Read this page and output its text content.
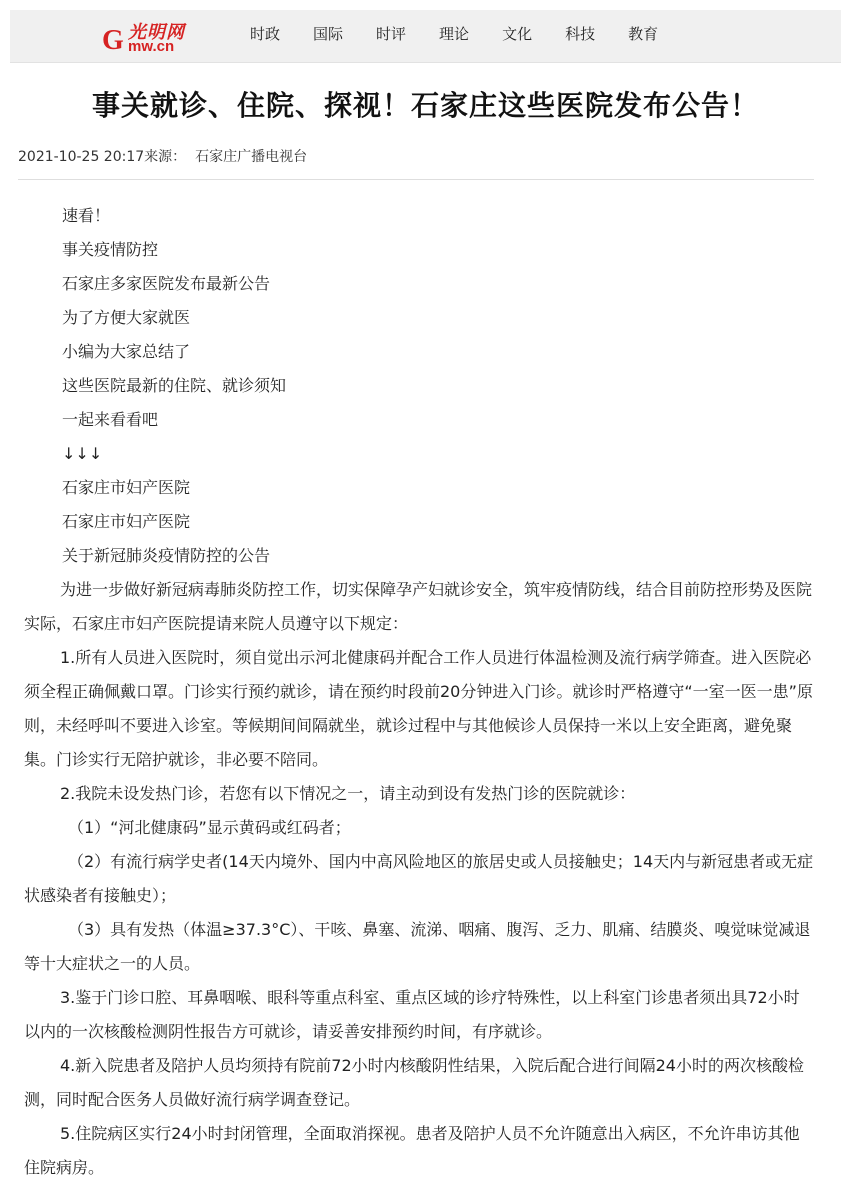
光明网
G mw.cn
时政 国际 时评 理论 文化 科技 教育
事关就诊、住院、探视！石家庄这些医院发布公告！
2021-10-25 20:17来源： 石家庄广播电视台

速看！

事关疫情防控

石家庄多家医院发布最新公告

为了方便大家就医

小编为大家总结了

这些医院最新的住院、就诊须知

一起来看看吧

↓↓↓

石家庄市妇产医院

石家庄市妇产医院

关于新冠肺炎疫情防控的公告

为进一步做好新冠病毒肺炎防控工作，切实保障孕产妇就诊安全，筑牢疫情防线，结合目前防控形势及医院实际，石家庄市妇产医院提请来院人员遵守以下规定：

1.所有人员进入医院时，须自觉出示河北健康码并配合工作人员进行体温检测及流行病学筛查。进入医院必须全程正确佩戴口罩。门诊实行预约就诊，请在预约时段前20分钟进入门诊。就诊时严格遵守“一室一医一患”原则，未经呼叫不要进入诊室。等候期间间隔就坐，就诊过程中与其他候诊人员保持一米以上安全距离，避免聚集。门诊实行无陪护就诊，非必要不陪同。

2.我院未设发热门诊，若您有以下情况之一，请主动到设有发热门诊的医院就诊：

（1）“河北健康码”显示黄码或红码者；

（2）有流行病学史者(14天内境外、国内中高风险地区的旅居史或人员接触史；14天内与新冠患者或无症状感染者有接触史）；

（3）具有发热（体温≥37.3°C）、干咳、鼻塞、流涕、咽痛、腹泻、乏力、肌痛、结膜炎、嗅觉味觉减退等十大症状之一的人员。

3.鉴于门诊口腔、耳鼻咽喉、眼科等重点科室、重点区域的诊疗特殊性，以上科室门诊患者须出具72小时以内的一次核酸检测阴性报告方可就诊，请妥善安排预约时间，有序就诊。

4.新入院患者及陪护人员均须持有院前72小时内核酸阴性结果，入院后配合进行间隔24小时的两次核酸检测，同时配合医务人员做好流行病学调查登记。

5.住院病区实行24小时封闭管理，全面取消探视。患者及陪护人员不允许随意出入病区，不允许串访其他住院病房。
